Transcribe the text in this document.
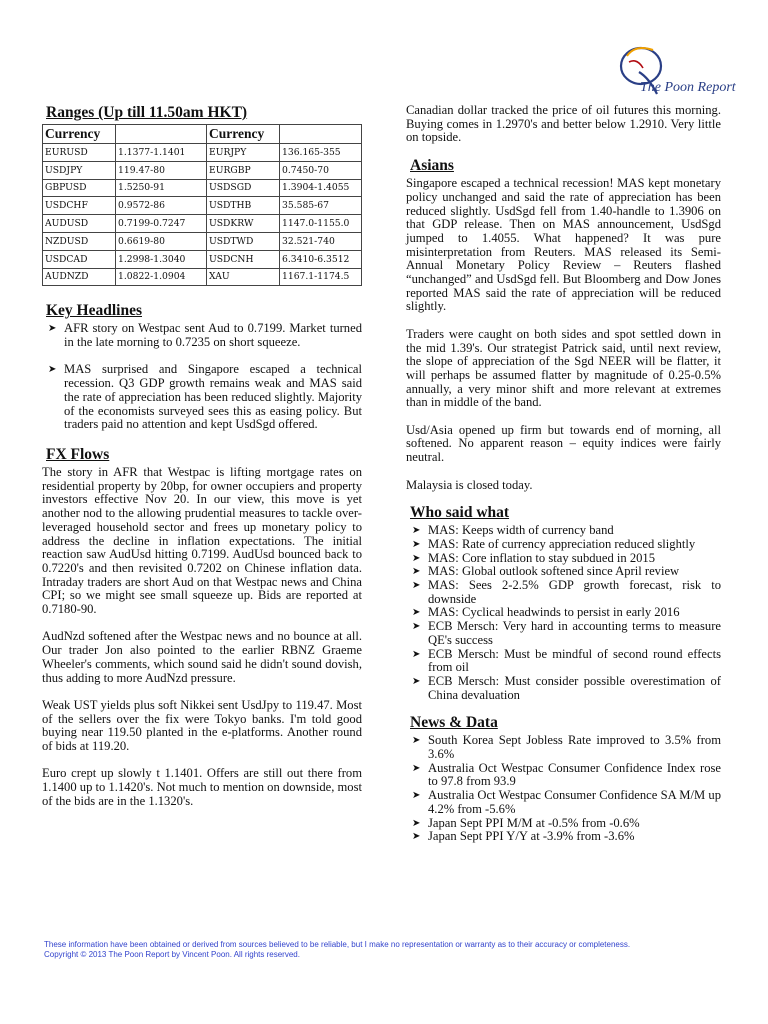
The Poon Report
Ranges (Up till 11.50am HKT)
Currency		Currency	
EURUSD	1.1377-1.1401	EURJPY	136.165-355
USDJPY	119.47-80	EURGBP	0.7450-70
GBPUSD	1.5250-91	USDSGD	1.3904-1.4055
USDCHF	0.9572-86	USDTHB	35.585-67
AUDUSD	0.7199-0.7247	USDKRW	1147.0-1155.0
NZDUSD	0.6619-80	USDTWD	32.521-740
USDCAD	1.2998-1.3040	USDCNH	6.3410-6.3512
AUDNZD	1.0822-1.0904	XAU	1167.1-1174.5
Key Headlines
➤ AFR story on Westpac sent Aud to 0.7199. Market turned in the late morning to 0.7235 on short squeeze.
➤ MAS surprised and Singapore escaped a technical recession. Q3 GDP growth remains weak and MAS said the rate of appreciation has been reduced slightly. Majority of the economists surveyed sees this as easing policy. But traders paid no attention and kept UsdSgd offered.
FX Flows

The story in AFR that Westpac is lifting mortgage rates on residential property by 20bp, for owner occupiers and property investors effective Nov 20. In our view, this move is yet another nod to the allowing prudential measures to tackle over-leveraged household sector and frees up monetary policy to address the decline in inflation expectations. The initial reaction saw AudUsd hitting 0.7199. AudUsd bounced back to 0.7220's and then revisited 0.7202 on Chinese inflation data. Intraday traders are short Aud on that Westpac news and China CPI; so we might see small squeeze up. Bids are reported at 0.7180-90.

AudNzd softened after the Westpac news and no bounce at all. Our trader Jon also pointed to the earlier RBNZ Graeme Wheeler's comments, which sound said he didn't sound dovish, thus adding to more AudNzd pressure.

Weak UST yields plus soft Nikkei sent UsdJpy to 119.47. Most of the sellers over the fix were Tokyo banks. I'm told good buying near 119.50 planted in the e-platforms. Another round of bids at 119.20.

Euro crept up slowly t 1.1401. Offers are still out there from 1.1400 up to 1.1420's. Not much to mention on downside, most of the bids are in the 1.1320's.

Canadian dollar tracked the price of oil futures this morning. Buying comes in 1.2970's and better below 1.2910. Very little on topside.

Asians

Singapore escaped a technical recession! MAS kept monetary policy unchanged and said the rate of appreciation has been reduced slightly. UsdSgd fell from 1.40-handle to 1.3906 on that GDP release. Then on MAS announcement, UsdSgd jumped to 1.4055. What happened? It was pure misinterpretation from Reuters. MAS released its Semi-Annual Monetary Policy Review – Reuters flashed “unchanged” and UsdSgd fell. But Bloomberg and Dow Jones reported MAS said the rate of appreciation will be reduced slightly.

Traders were caught on both sides and spot settled down in the mid 1.39's. Our strategist Patrick said, until next review, the slope of appreciation of the Sgd NEER will be flatter, it will perhaps be assumed flatter by magnitude of 0.25-0.5% annually, a very minor shift and more relevant at extremes than in middle of the band.

Usd/Asia opened up firm but towards end of morning, all softened. No apparent reason – equity indices were fairly neutral.

Malaysia is closed today.

Who said what
➤ MAS: Keeps width of currency band
➤ MAS: Rate of currency appreciation reduced slightly
➤ MAS: Core inflation to stay subdued in 2015
➤ MAS: Global outlook softened since April review
➤ MAS: Sees 2-2.5% GDP growth forecast, risk to downside
➤ MAS: Cyclical headwinds to persist in early 2016
➤ ECB Mersch: Very hard in accounting terms to measure QE's success
➤ ECB Mersch: Must be mindful of second round effects from oil
➤ ECB Mersch: Must consider possible overestimation of China devaluation
News & Data
➤ South Korea Sept Jobless Rate improved to 3.5% from 3.6%
➤ Australia Oct Westpac Consumer Confidence Index rose to 97.8 from 93.9
➤ Australia Oct Westpac Consumer Confidence SA M/M up 4.2% from -5.6%
➤ Japan Sept PPI M/M at -0.5% from -0.6%
➤ Japan Sept PPI Y/Y at -3.9% from -3.6%
These information have been obtained or derived from sources believed to be reliable, but I make no representation or warranty as to their accuracy or completeness.
Copyright © 2013 The Poon Report by Vincent Poon. All rights reserved.
